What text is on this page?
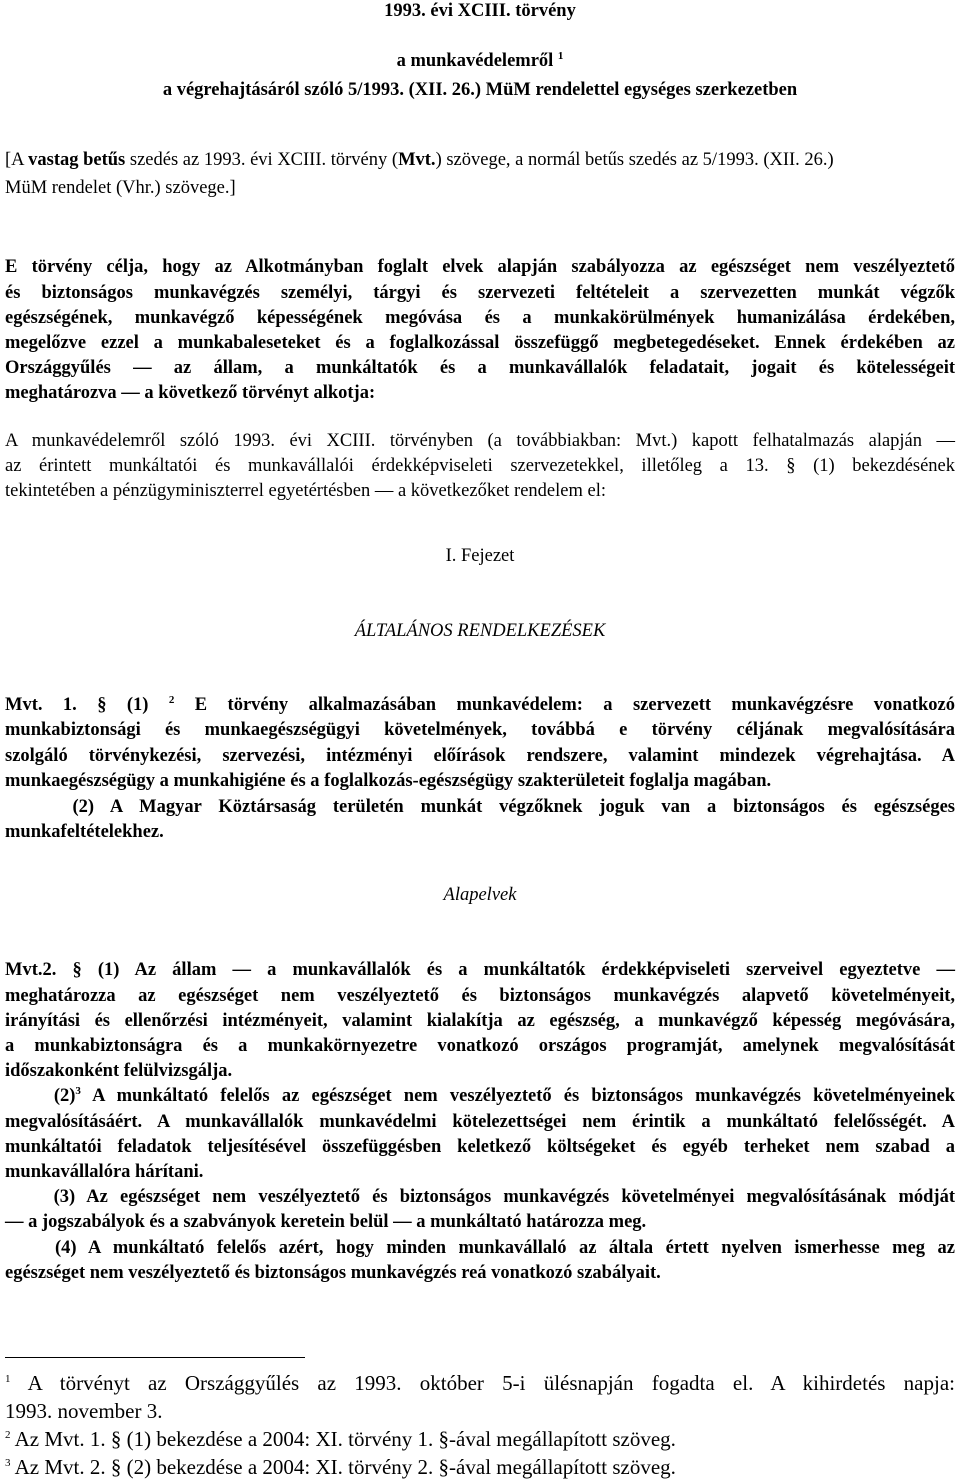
1993. évi XCIII. törvény
a munkavédelemről $^1$
a végrehajtásáról szóló 5/1993. (XII. 26.) MüM rendelettel egységes szerkezetben
[A vastag betűs szedés az 1993. évi XCIII. törvény (Mvt.) szövege, a normál betűs szedés az 5/1993. (XII. 26.)
MüM rendelet (Vhr.) szövege.]
E törvény célja, hogy az Alkotmányban foglalt elvek alapján szabályozza az egészséget nem veszélyeztető
és biztonságos munkavégzés személyi, tárgyi és szervezeti feltételeit a szervezetten munkát végzők
egészségének, munkavégző képességének megóvása és a munkakörülmények humanizálása érdekében,
megelőzve ezzel a munkabaleseteket és a foglalkozással összefüggő megbetegedéseket. Ennek érdekében az
Országgyűlés — az állam, a munkáltatók és a munkavállalók feladatait, jogait és kötelességeit
meghatározva — a következő törvényt alkotja:
A munkavédelemről szóló 1993. évi XCIII. törvényben (a továbbiakban: Mvt.) kapott felhatalmazás alapján —
az érintett munkáltatói és munkavállalói érdekképviseleti szervezetekkel, illetőleg a 13. § (1) bekezdésének
tekintetében a pénzügyminiszterrel egyetértésben — a következőket rendelem el:
I. Fejezet
ÁLTALÁNOS RENDELKEZÉSEK
Mvt. 1. § (1) $^2$ E törvény alkalmazásában munkavédelem: a szervezett munkavégzésre vonatkozó
munkabiztonsági és munkaegészségügyi követelmények, továbbá e törvény céljának megvalósítására
szolgáló törvénykezési, szervezési, intézményi előírások rendszere, valamint mindezek végrehajtása. A
munkaegészségügy a munkahigiéne és a foglalkozás-egészségügy szakterületeit foglalja magában.
(2) A Magyar Köztársaság területén munkát végzőknek joguk van a biztonságos és egészséges
munkafeltételekhez.
Alapelvek
Mvt.2. § (1) Az állam — a munkavállalók és a munkáltatók érdekképviseleti szerveivel egyeztetve —
meghatározza az egészséget nem veszélyeztető és biztonságos munkavégzés alapvető követelményeit,
irányítási és ellenőrzési intézményeit, valamint kialakítja az egészség, a munkavégző képesség megóvására,
a munkabiztonságra és a munkakörnyezetre vonatkozó országos programját, amelynek megvalósítását
időszakonként felülvizsgálja.
$(2)^3$ A munkáltató felelős az egészséget nem veszélyeztető és biztonságos munkavégzés követelményeinek
megvalósításáért. A munkavállalók munkavédelmi kötelezettségei nem érintik a munkáltató felelősségét. A
munkáltatói feladatok teljesítésével összefüggésben keletkező költségeket és egyéb terheket nem szabad a
munkavállalóra hárítani.
(3) Az egészséget nem veszélyeztető és biztonságos munkavégzés követelményei megvalósításának módját
— a jogszabályok és a szabványok keretein belül — a munkáltató határozza meg.
(4) A munkáltató felelős azért, hogy minden munkavállaló az általa értett nyelven ismerhesse meg az
egészséget nem veszélyeztető és biztonságos munkavégzés reá vonatkozó szabályait.
$^1$ A törvényt az Országgyűlés az 1993. október 5-i ülésnapján fogadta el. A kihirdetés napja:
1993. november 3.
$^2$ Az Mvt. 1. § (1) bekezdése a 2004: XI. törvény 1. §-ával megállapított szöveg.
$^3$ Az Mvt. 2. § (2) bekezdése a 2004: XI. törvény 2. §-ával megállapított szöveg.
